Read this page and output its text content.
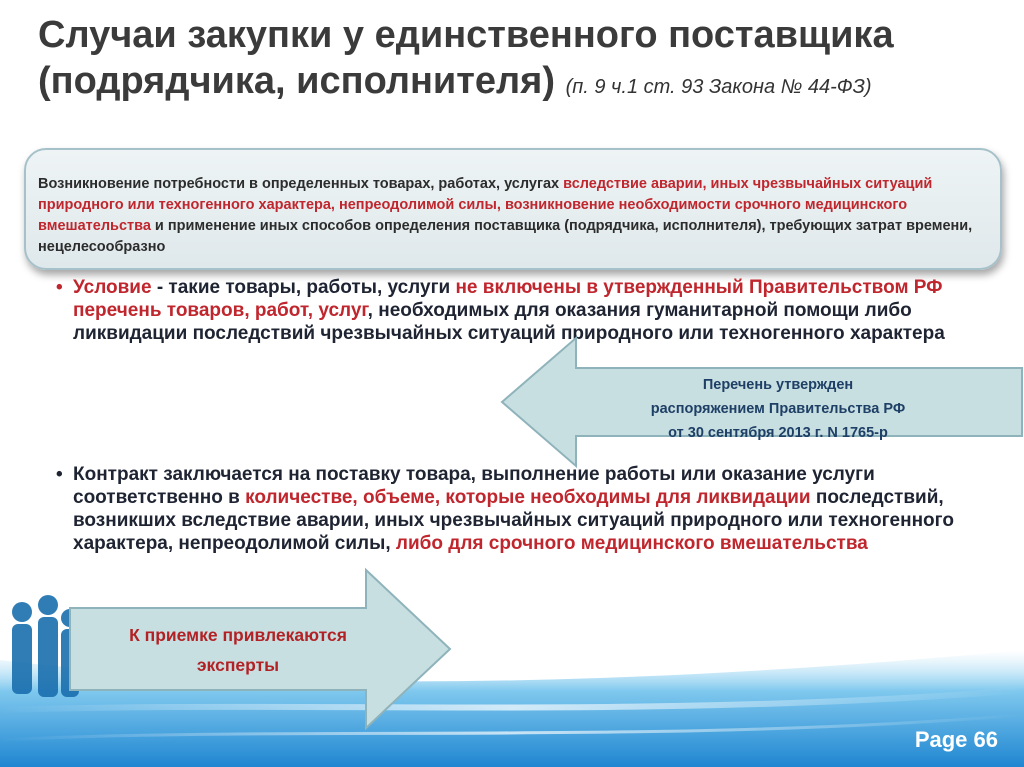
Случаи закупки у единственного поставщика
(подрядчика, исполнителя) (п. 9 ч.1 ст. 93 Закона № 44-ФЗ)
Возникновение потребности в определенных товарах, работах, услугах вследствие аварии, иных чрезвычайных ситуаций природного или техногенного характера, непреодолимой силы, возникновение необходимости срочного медицинского вмешательства и применение иных способов определения поставщика (подрядчика, исполнителя), требующих затрат времени, нецелесообразно
• Условие - такие товары, работы, услуги не включены в утвержденный Правительством РФ перечень товаров, работ, услуг, необходимых для оказания гуманитарной помощи либо ликвидации последствий чрезвычайных ситуаций природного или техногенного характера
• Контракт заключается на поставку товара, выполнение работы или оказание услуги соответственно в количестве, объеме, которые необходимы для ликвидации последствий, возникших вследствие аварии, иных чрезвычайных ситуаций природного или техногенного характера, непреодолимой силы, либо для срочного медицинского вмешательства
Перечень утвержден
распоряжением Правительства РФ
от 30 сентября 2013 г. N 1765-р
К приемке привлекаются
эксперты
Page 66
